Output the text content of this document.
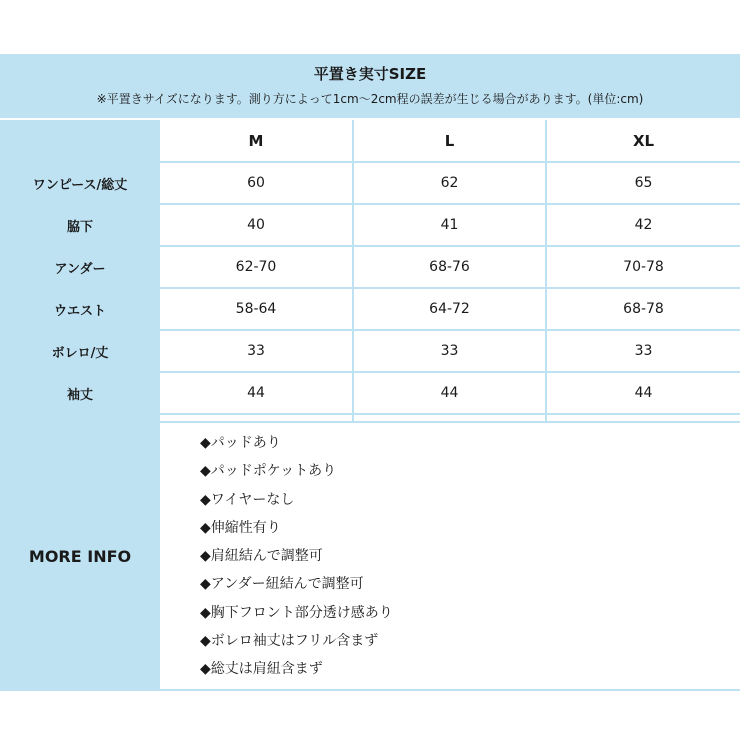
平置き実寸SIZE
※平置きサイズになります。測り方によって1cm～2cm程の誤差が生じる場合があります。(単位:cm)
	M	L	XL
ワンピース/総丈	60	62	65
脇下	40	41	42
アンダー	62-70	68-76	70-78
ウエスト	58-64	64-72	68-78
ボレロ/丈	33	33	33
袖丈	44	44	44

MORE INFO
◆パッドあり
◆パッドポケットあり
◆ワイヤーなし
◆伸縮性有り
◆肩紐結んで調整可
◆アンダー紐結んで調整可
◆胸下フロント部分透け感あり
◆ボレロ袖丈はフリル含まず
◆総丈は肩紐含まず
